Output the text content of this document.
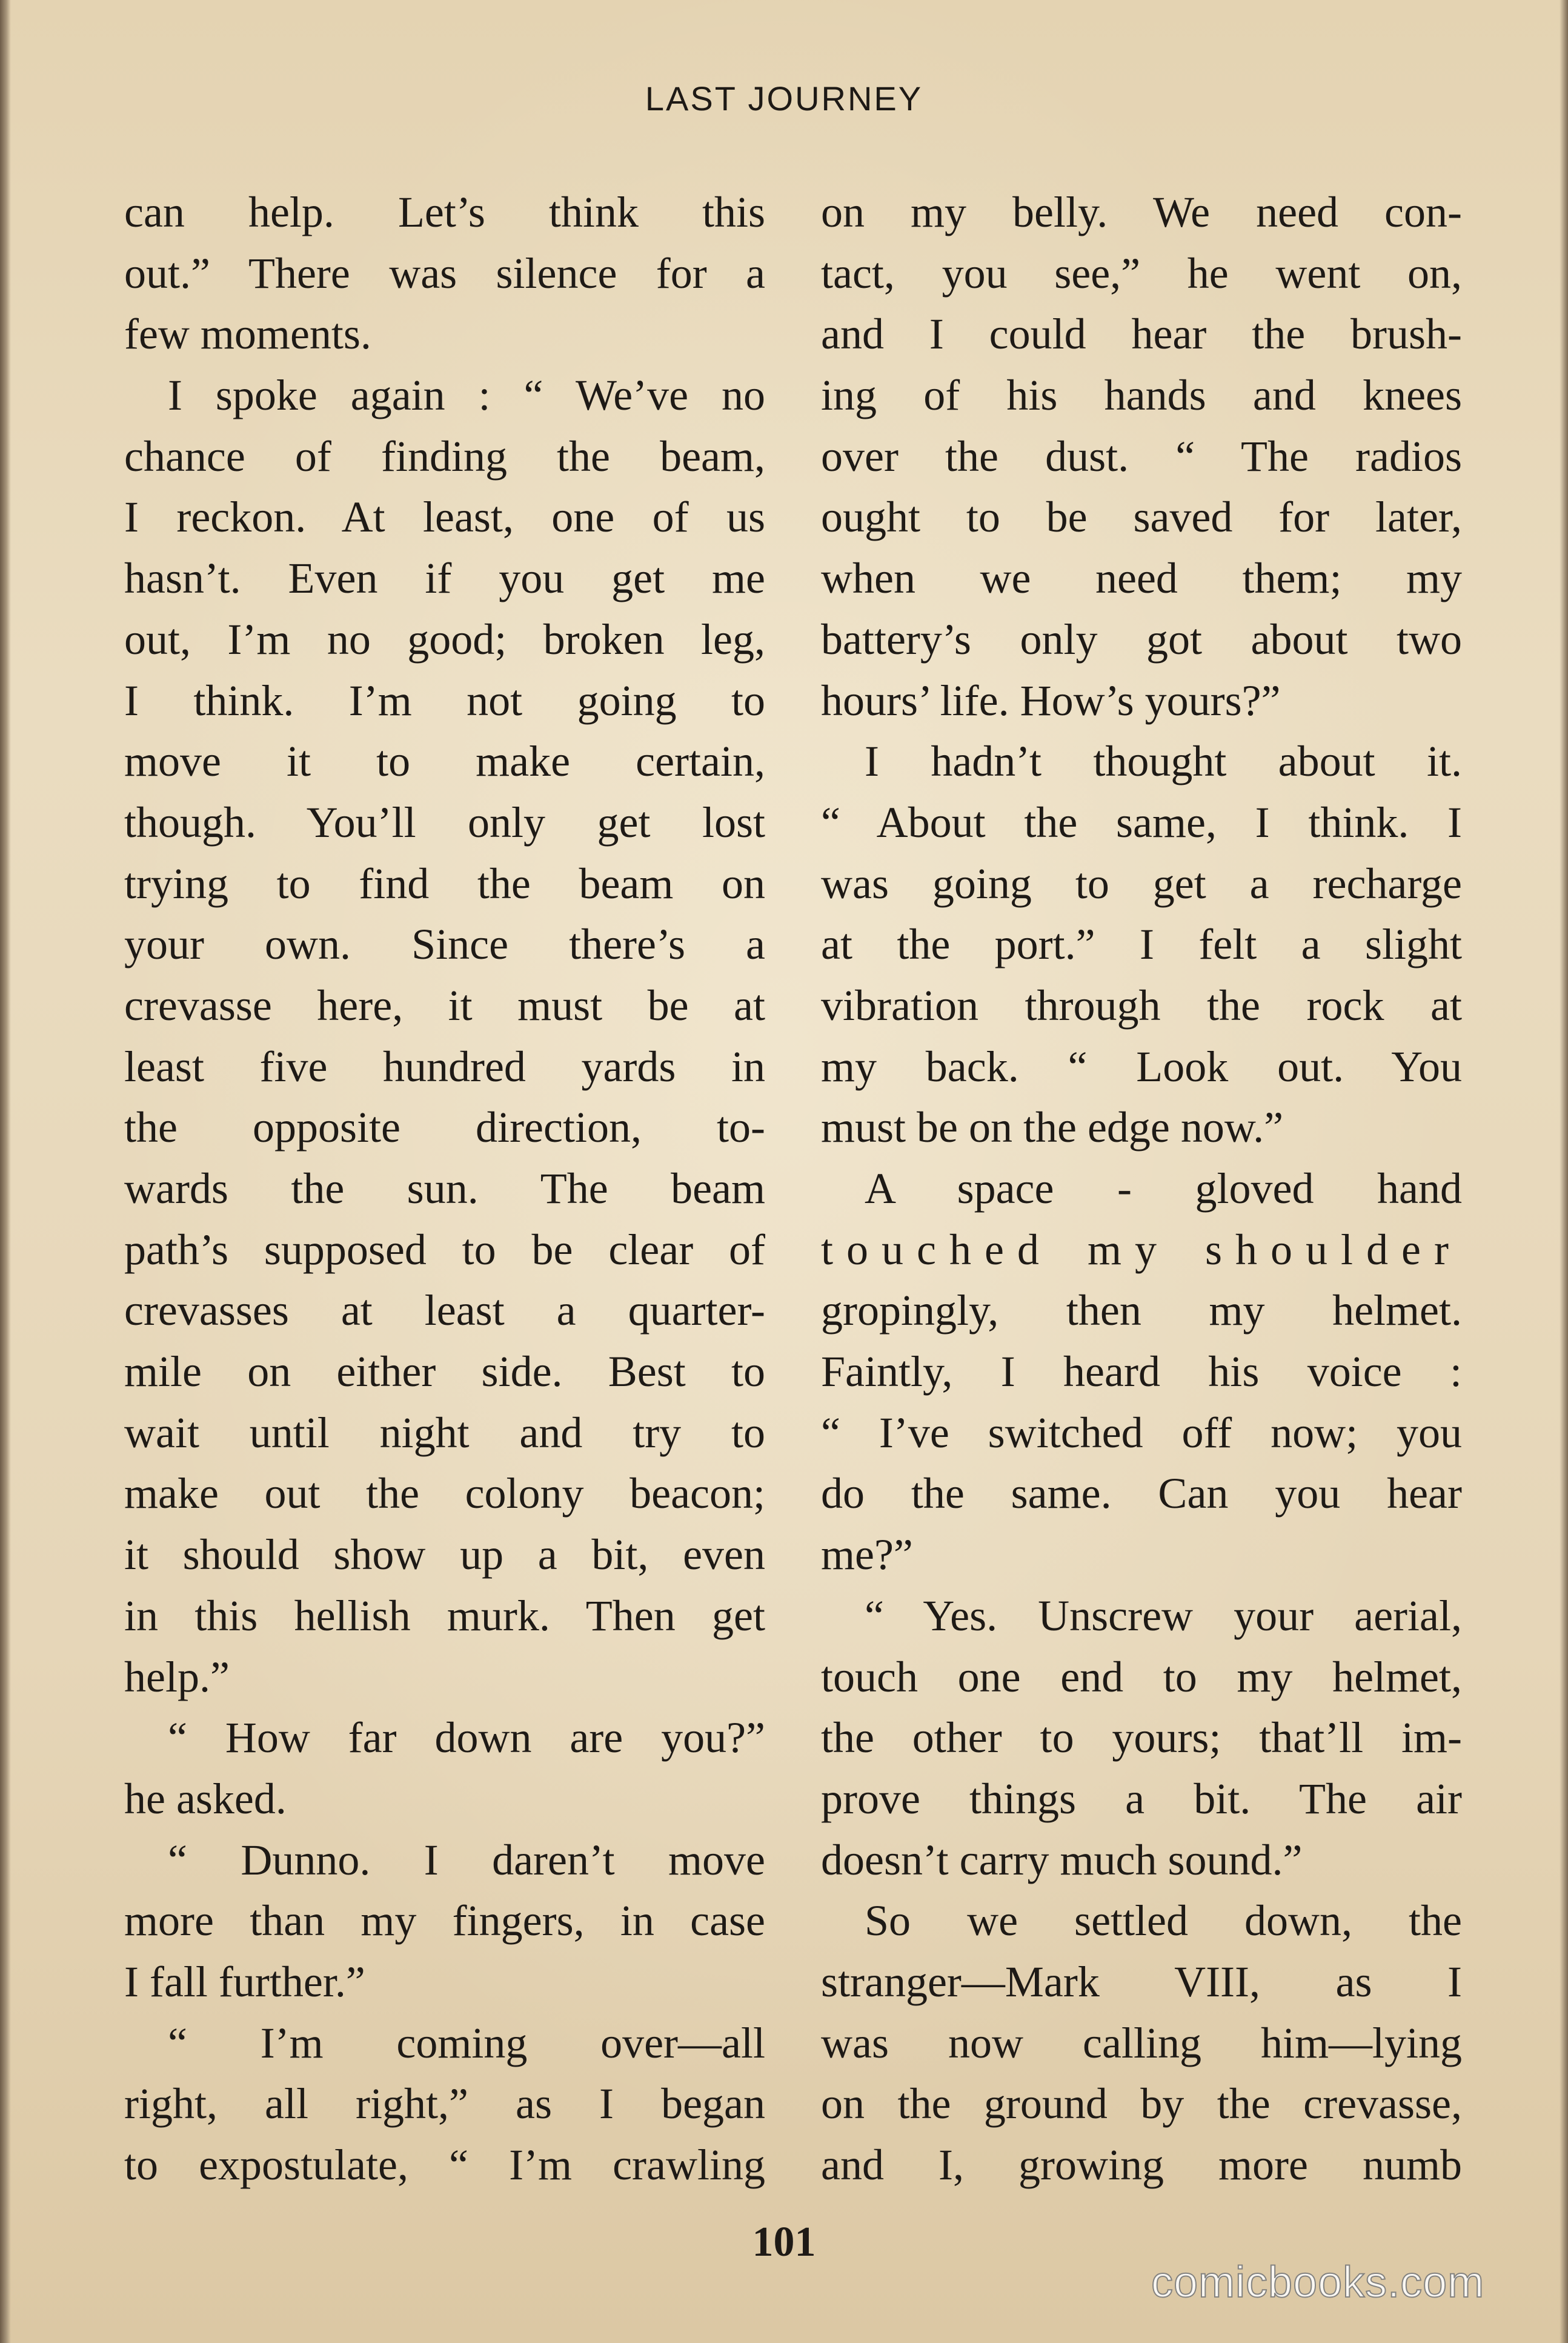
LAST JOURNEY
can help. Let’s think this
out.” There was silence for a
few moments.
I spoke again : “ We’ve no
chance of finding the beam,
I reckon. At least, one of us
hasn’t. Even if you get me
out, I’m no good; broken leg,
I think. I’m not going to
move it to make certain,
though. You’ll only get lost
trying to find the beam on
your own. Since there’s a
crevasse here, it must be at
least five hundred yards in
the opposite direction, to-
wards the sun. The beam
path’s supposed to be clear of
crevasses at least a quarter-
mile on either side. Best to
wait until night and try to
make out the colony beacon;
it should show up a bit, even
in this hellish murk. Then get
help.”
“ How far down are you?”
he asked.
“ Dunno. I daren’t move
more than my fingers, in case
I fall further.”
“ I’m coming over—all
right, all right,” as I began
to expostulate, “ I’m crawling
on my belly. We need con-
tact, you see,” he went on,
and I could hear the brush-
ing of his hands and knees
over the dust. “ The radios
ought to be saved for later,
when we need them; my
battery’s only got about two
hours’ life. How’s yours?”
I hadn’t thought about it.
“ About the same, I think. I
was going to get a recharge
at the port.” I felt a slight
vibration through the rock at
my back. “ Look out. You
must be on the edge now.”
A space - gloved hand
touched my shoulder
gropingly, then my helmet.
Faintly, I heard his voice :
“ I’ve switched off now; you
do the same. Can you hear
me?”
“ Yes. Unscrew your aerial,
touch one end to my helmet,
the other to yours; that’ll im-
prove things a bit. The air
doesn’t carry much sound.”
So we settled down, the
stranger—Mark VIII, as I
was now calling him—lying
on the ground by the crevasse,
and I, growing more numb
101
comicbooks.com
